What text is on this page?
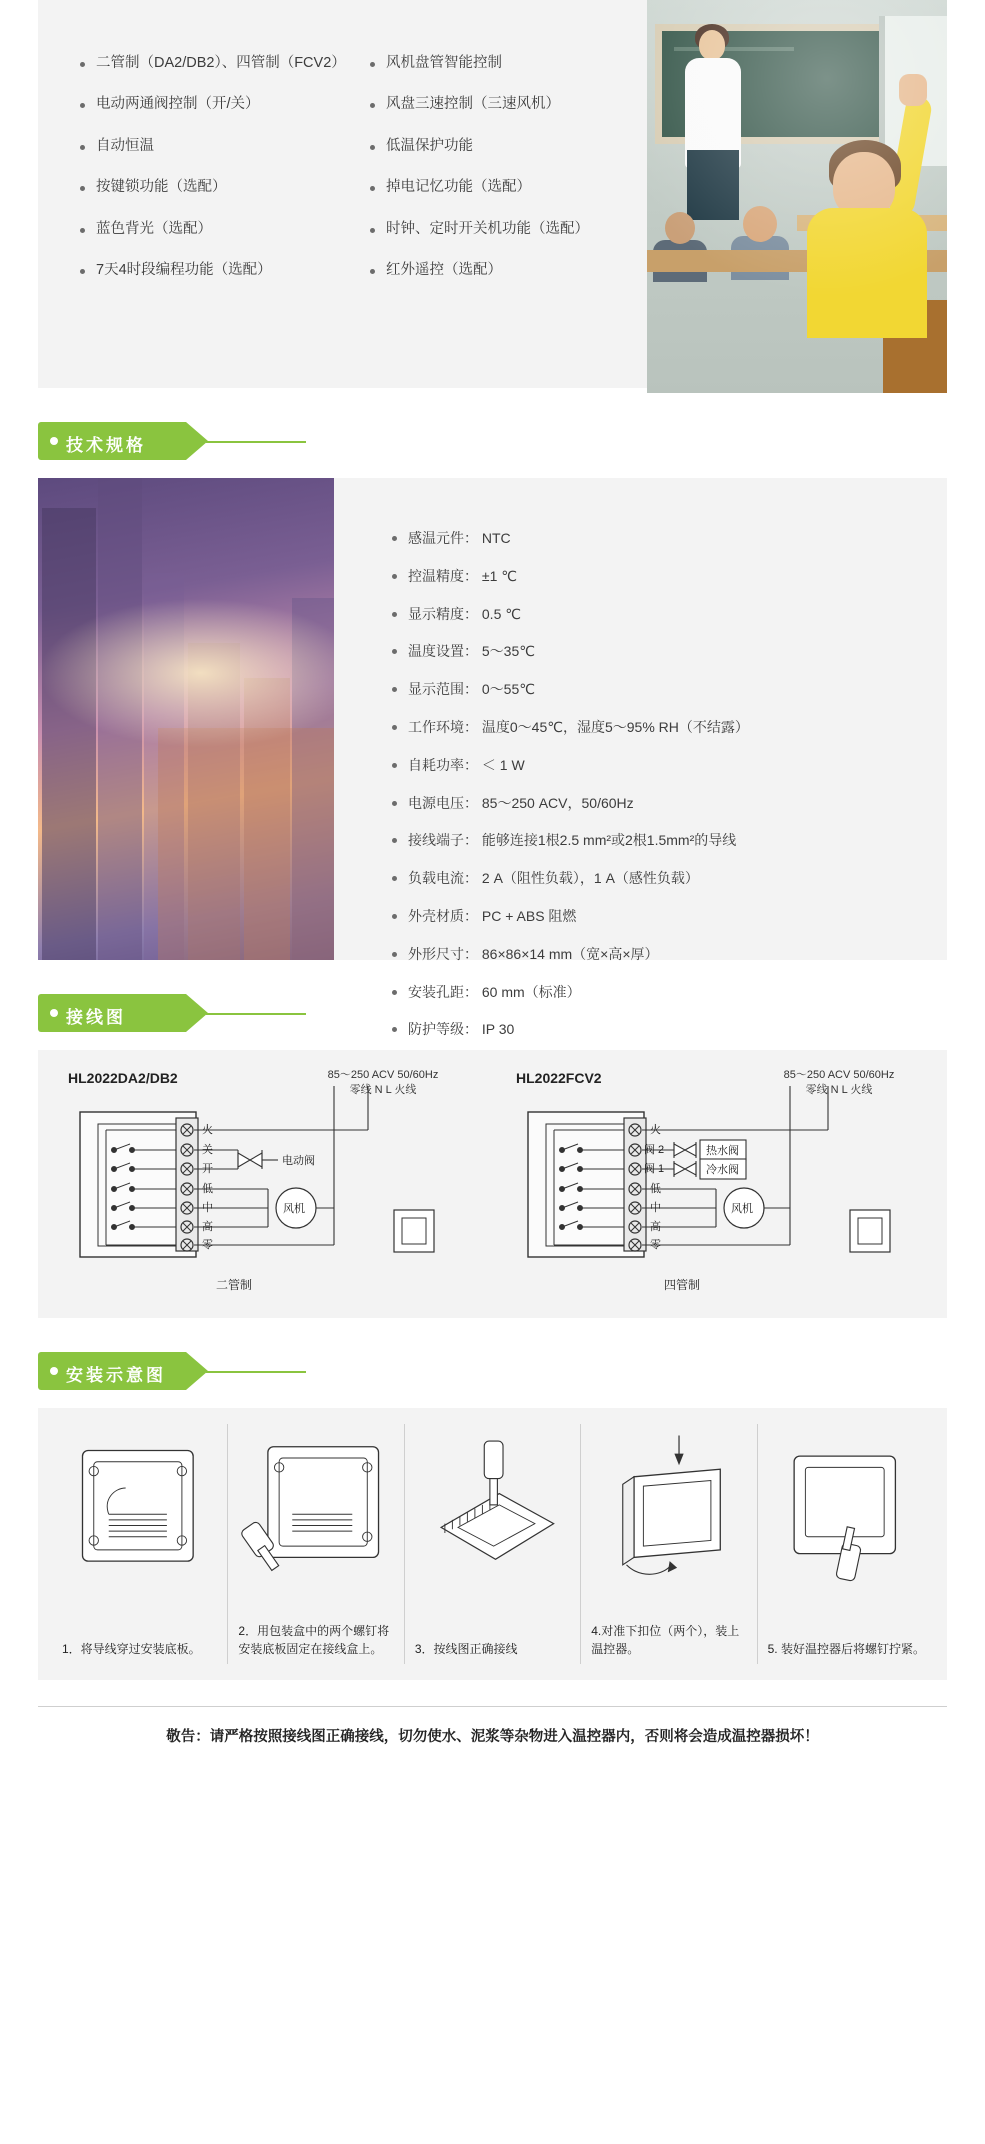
二管制（DA2/DB2）、四管制（FCV2）
电动两通阀控制（开/关）
自动恒温
按键锁功能（选配）
蓝色背光（选配）
7天4时段编程功能（选配）
风机盘管智能控制
风盘三速控制（三速风机）
低温保护功能
掉电记忆功能（选配）
时钟、定时开关机功能（选配）
红外遥控（选配）
技术规格
感温元件： NTC
控温精度： ±1 ℃
显示精度： 0.5 ℃
温度设置： 5～35℃
显示范围： 0～55℃
工作环境： 温度0～45℃，湿度5～95% RH（不结露）
自耗功率： ＜ 1 W
电源电压： 85～250 ACV，50/60Hz
接线端子： 能够连接1根2.5 mm²或2根1.5mm²的导线
负载电流： 2 A（阻性负载），1 A（感性负载）
外壳材质： PC + ABS 阻燃
外形尺寸： 86×86×14 mm（宽×高×厚）
安装孔距： 60 mm（标准）
防护等级： IP 30
接线图
HL2022DA2/DB2	85～250 ACV 50/60Hz
零线 N L 火线
火
关
开
低
中
高
零
电动阀
风机
二管制
HL2022FCV2	85～250 ACV 50/60Hz
零线 N L 火线
火
阀 2
阀 1
低
中
高
零
热水阀
冷水阀
风机
四管制
安装示意图
1．将导线穿过安装底板。
2．用包装盒中的两个螺钉将安装底板固定在接线盒上。	3．按线图正确接线
4.对准下扣位（两个），装上温控器。	5. 装好温控器后将螺钉拧紧。
敬告：请严格按照接线图正确接线，切勿使水、泥浆等杂物进入温控器内，否则将会造成温控器损坏！
